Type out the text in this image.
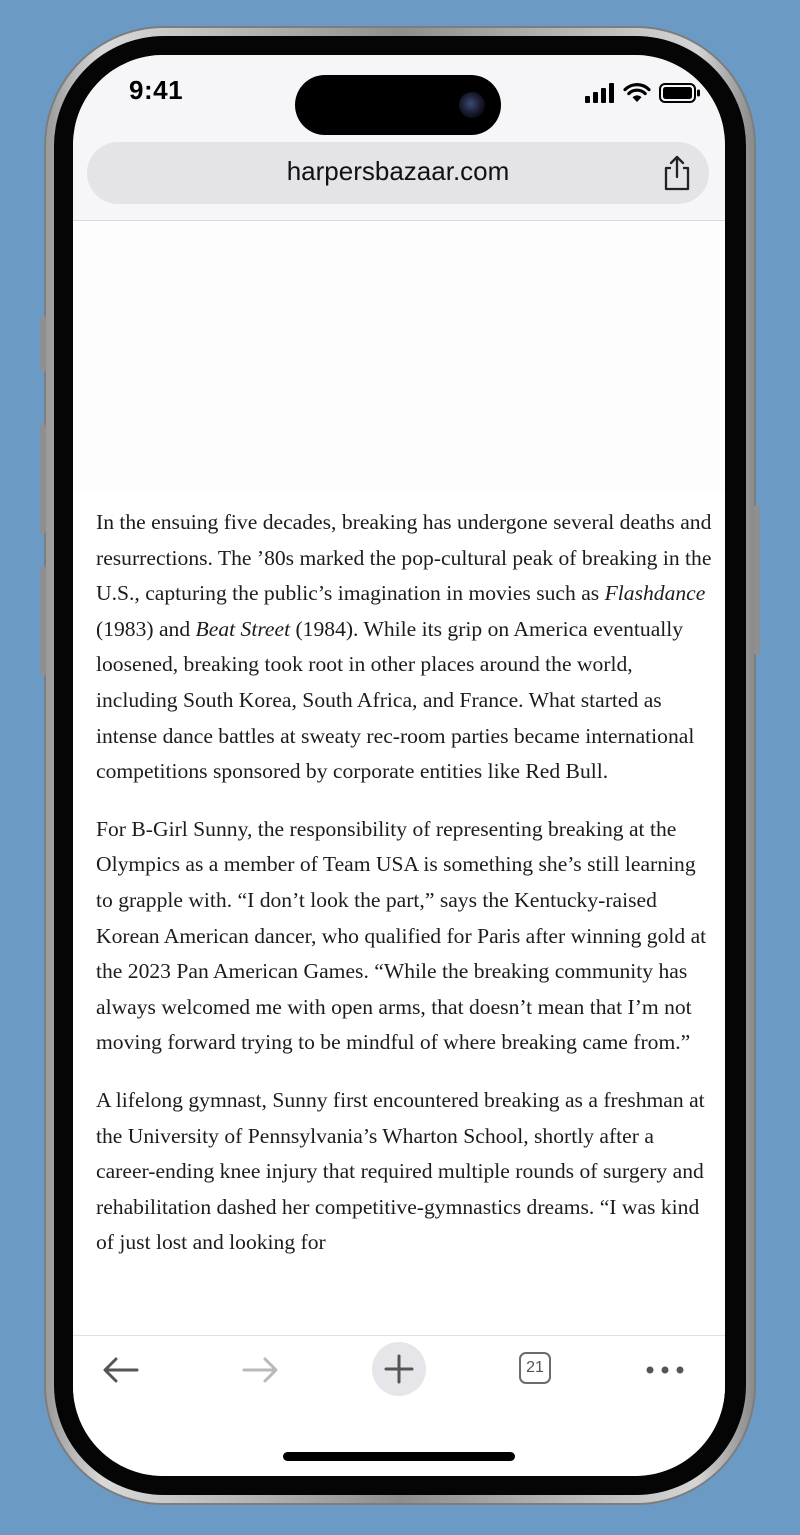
9:41
harpersbazaar.com

In the ensuing five decades, breaking has undergone several deaths and resurrections. The ’80s marked the pop-cultural peak of breaking in the U.S., capturing the public’s imagination in movies such as Flashdance (1983) and Beat Street (1984). While its grip on America eventually loosened, breaking took root in other places around the world, including South Korea, South Africa, and France. What started as intense dance battles at sweaty rec-room parties became international competitions sponsored by corporate entities like Red Bull.

For B-Girl Sunny, the responsibility of representing breaking at the Olympics as a member of Team USA is something she’s still learning to grapple with. “I don’t look the part,” says the Kentucky-raised Korean American dancer, who qualified for Paris after winning gold at the 2023 Pan American Games. “While the breaking community has always welcomed me with open arms, that doesn’t mean that I’m not moving forward trying to be mindful of where breaking came from.”

A lifelong gymnast, Sunny first encountered breaking as a freshman at the University of Pennsylvania’s Wharton School, shortly after a career-ending knee injury that required multiple rounds of surgery and rehabilitation dashed her competitive-gymnastics dreams. “I was kind of just lost and looking for

21
